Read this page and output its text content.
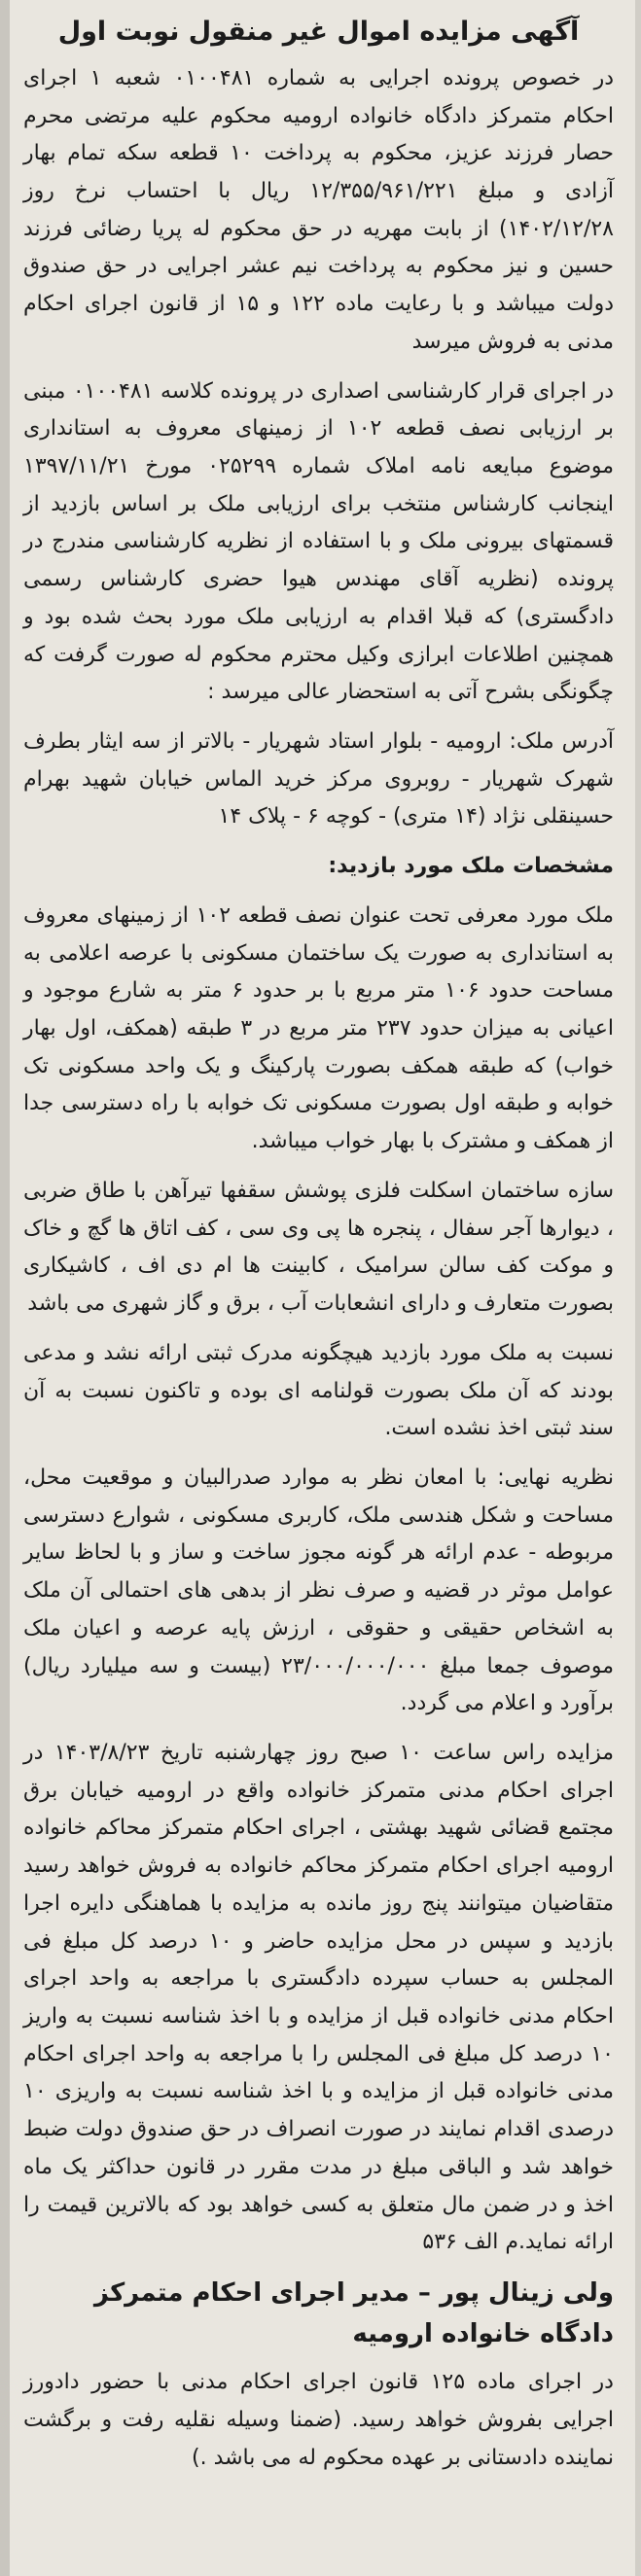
آگهی مزایده اموال غیر منقول نوبت اول

در خصوص پرونده اجرایی به شماره ۰۱۰۰۴۸۱ شعبه ۱ اجرای احکام متمرکز دادگاه خانواده ارومیه محکوم علیه مرتضی محرم حصار فرزند عزیز، محکوم به پرداخت ۱۰ قطعه سکه تمام بهار آزادی و مبلغ ۱۲/۳۵۵/۹۶۱/۲۲۱ ریال با احتساب نرخ روز ۱۴۰۲/۱۲/۲۸) از بابت مهریه در حق محکوم له پریا رضائی فرزند حسین و نیز محکوم به پرداخت نیم عشر اجرایی در حق صندوق دولت میباشد و با رعایت ماده ۱۲۲ و ۱۵ از قانون اجرای احکام مدنی به فروش میرسد

در اجرای قرار کارشناسی اصداری در پرونده کلاسه ۰۱۰۰۴۸۱ مبنی بر ارزیابی نصف قطعه ۱۰۲ از زمینهای معروف به استانداری موضوع مبایعه نامه املاک شماره ۰۲۵۲۹۹ مورخ ۱۳۹۷/۱۱/۲۱ اینجانب کارشناس منتخب برای ارزیابی ملک بر اساس بازدید از قسمتهای بیرونی ملک و با استفاده از نظریه کارشناسی مندرج در پرونده (نظریه آقای مهندس هیوا حضری کارشناس رسمی دادگستری) که قبلا اقدام به ارزیابی ملک مورد بحث شده بود و همچنین اطلاعات ابرازی وکیل محترم محکوم له صورت گرفت که چگونگی بشرح آتی به استحضار عالی میرسد :

آدرس ملک: ارومیه - بلوار استاد شهریار - بالاتر از سه ایثار بطرف شهرک شهریار - روبروی مرکز خرید الماس خیابان شهید بهرام حسینقلی نژاد (۱۴ متری) - کوچه ۶ - پلاک ۱۴

مشخصات ملک مورد بازدید:

ملک مورد معرفی تحت عنوان نصف قطعه ۱۰۲ از زمینهای معروف به استانداری به صورت یک ساختمان مسکونی با عرصه اعلامی به مساحت حدود ۱۰۶ متر مربع با بر حدود ۶ متر به شارع موجود و اعیانی به میزان حدود ۲۳۷ متر مربع در ۳ طبقه (همکف، اول بهار خواب) که طبقه همکف بصورت پارکینگ و یک واحد مسکونی تک خوابه و طبقه اول بصورت مسکونی تک خوابه با راه دسترسی جدا از همکف و مشترک با بهار خواب میباشد.

سازه ساختمان اسکلت فلزی پوشش سقفها تیرآهن با طاق ضربی ، دیوارها آجر سفال ، پنجره ها پی وی سی ، کف اتاق ها گچ و خاک و موکت کف سالن سرامیک ، کابینت ها ام دی اف ، کاشیکاری بصورت متعارف و دارای انشعابات آب ، برق و گاز شهری می باشد

نسبت به ملک مورد بازدید هیچگونه مدرک ثبتی ارائه نشد و مدعی بودند که آن ملک بصورت قولنامه ای بوده و تاکنون نسبت به آن سند ثبتی اخذ نشده است.

نظریه نهایی: با امعان نظر به موارد صدرالبیان و موقعیت محل، مساحت و شکل هندسی ملک، کاربری مسکونی ، شوارع دسترسی مربوطه - عدم ارائه هر گونه مجوز ساخت و ساز و با لحاظ سایر عوامل موثر در قضیه و صرف نظر از بدهی های احتمالی آن ملک به اشخاص حقیقی و حقوقی ، ارزش پایه عرصه و اعیان ملک موصوف جمعا مبلغ ۲۳/۰۰۰/۰۰۰/۰۰۰ (بیست و سه میلیارد ریال) برآورد و اعلام می گردد.

مزایده راس ساعت ۱۰ صبح روز چهارشنبه تاریخ ۱۴۰۳/۸/۲۳ در اجرای احکام مدنی متمرکز خانواده واقع در ارومیه خیابان برق مجتمع قضائی شهید بهشتی ، اجرای احکام متمرکز محاکم خانواده ارومیه اجرای احکام متمرکز محاکم خانواده به فروش خواهد رسید متقاضیان میتوانند پنج روز مانده به مزایده با هماهنگی دایره اجرا بازدید و سپس در محل مزایده حاضر و ۱۰ درصد کل مبلغ فی المجلس به حساب سپرده دادگستری با مراجعه به واحد اجرای احکام مدنی خانواده قبل از مزایده و با اخذ شناسه نسبت به واریز ۱۰ درصد کل مبلغ فی المجلس را با مراجعه به واحد اجرای احکام مدنی خانواده قبل از مزایده و با اخذ شناسه نسبت به واریزی ۱۰ درصدی اقدام نمایند در صورت انصراف در حق صندوق دولت ضبط خواهد شد و الباقی مبلغ در مدت مقرر در قانون حداکثر یک ماه اخذ و در ضمن مال متعلق به کسی خواهد بود که بالاترین قیمت را ارائه نماید.م الف ۵۳۶

ولی زینال پور – مدیر اجرای احکام متمرکز دادگاه خانواده ارومیه

در اجرای ماده ۱۲۵ قانون اجرای احکام مدنی با حضور دادورز اجرایی بفروش خواهد رسید. (ضمنا وسیله نقلیه رفت و برگشت نماینده دادستانی بر عهده محکوم له می باشد .)
